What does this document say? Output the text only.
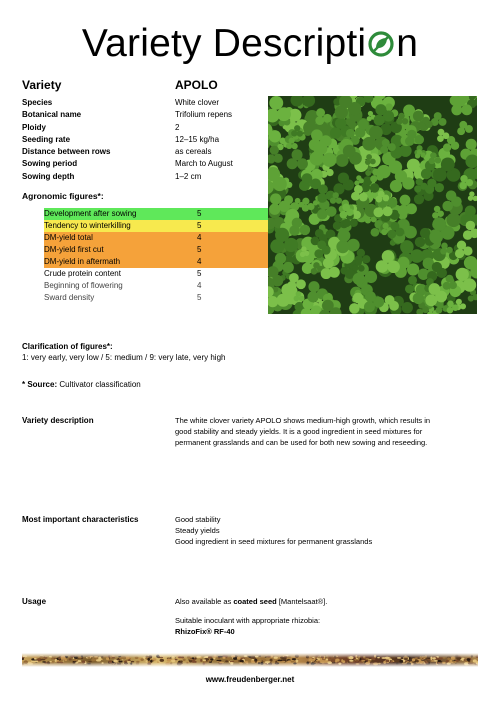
Variety Descripti n
Variety	APOLO
Species	White clover
Botanical name	Trifolium repens
Ploidy	2
Seeding rate	12–15 kg/ha
Distance between rows	as cereals
Sowing period	March to August
Sowing depth	1–2 cm
Agronomic figures*:
Development after sowing	5
Tendency to winterkilling	5
DM-yield total	4
DM-yield first cut	5
DM-yield in aftermath	4
Crude protein content	5
Beginning of flowering	4
Sward density	5
Clarification of figures*:
1: very early, very low / 5: medium / 9: very late, very high
* Source: Cultivator classification
Variety description	The white clover variety APOLO shows medium-high growth, which results in
good stability and steady yields. It is a good ingredient in seed mixtures for
permanent grasslands and can be used for both new sowing and reseeding.
Most important characteristics	Good stability
Steady yields
Good ingredient in seed mixtures for permanent grasslands
Usage	Also available as coated seed [Mantelsaat®].
Suitable inoculant with appropriate rhizobia:
RhizoFix® RF-40
www.freudenberger.net
